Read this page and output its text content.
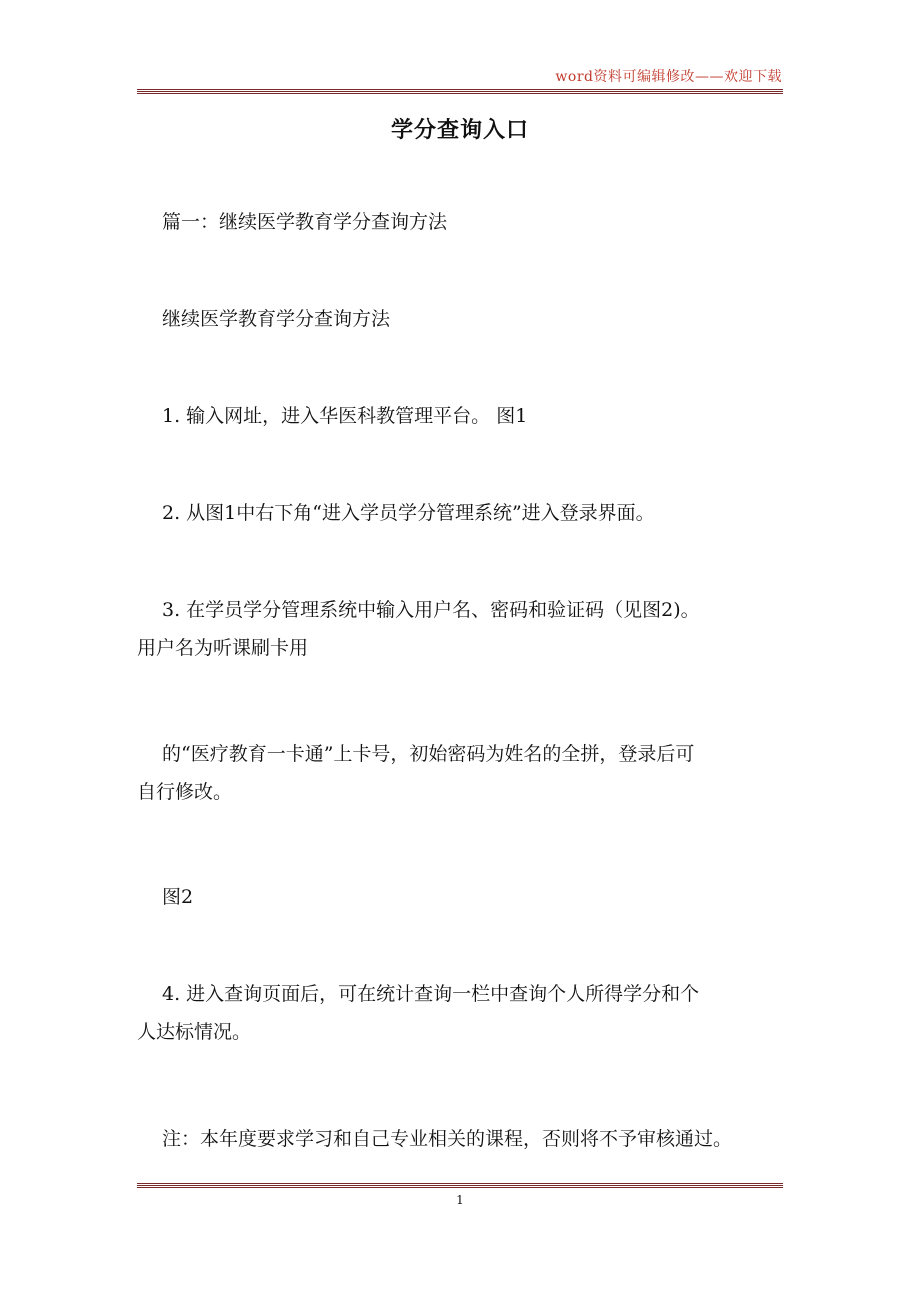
word资料可编辑修改——欢迎下载
学分查询入口
篇一：继续医学教育学分查询方法
继续医学教育学分查询方法
1. 输入网址，进入华医科教管理平台。 图1
2. 从图1中右下角“进入学员学分管理系统”进入登录界面。
3. 在学员学分管理系统中输入用户名、密码和验证码（见图2)。
用户名为听课刷卡用
的“医疗教育一卡通”上卡号，初始密码为姓名的全拼，登录后可
自行修改。
图2
4. 进入查询页面后，可在统计查询一栏中查询个人所得学分和个
人达标情况。
注：本年度要求学习和自己专业相关的课程，否则将不予审核通过。
1
